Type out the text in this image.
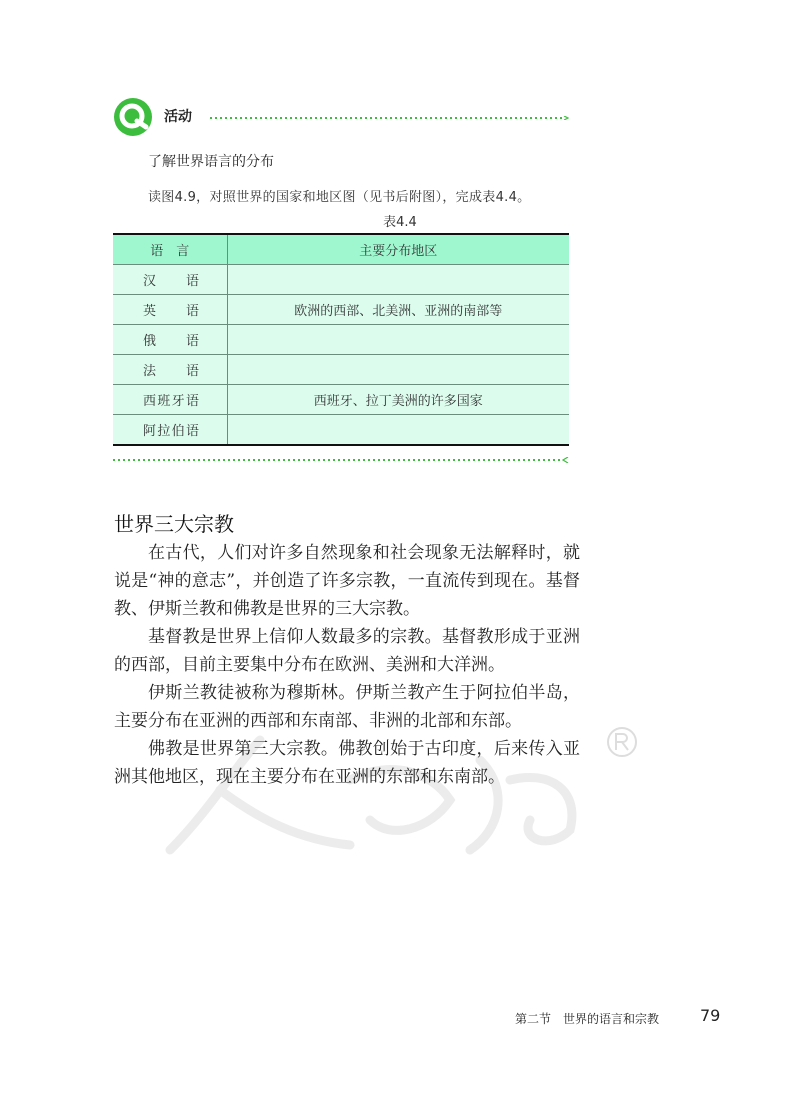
活动
了解世界语言的分布
读图4.9，对照世界的国家和地区图（见书后附图），完成表4.4。
表4.4
语　言	主要分布地区
汉语	
英语	欧洲的西部、北美洲、亚洲的南部等
俄语	
法语	
西班牙语	西班牙、拉丁美洲的许多国家
阿拉伯语	
世界三大宗教

在古代，人们对许多自然现象和社会现象无法解释时，就说是“神的意志”，并创造了许多宗教，一直流传到现在。基督教、伊斯兰教和佛教是世界的三大宗教。

基督教是世界上信仰人数最多的宗教。基督教形成于亚洲的西部，目前主要集中分布在欧洲、美洲和大洋洲。

伊斯兰教徒被称为穆斯林。伊斯兰教产生于阿拉伯半岛，主要分布在亚洲的西部和东南部、非洲的北部和东部。

佛教是世界第三大宗教。佛教创始于古印度，后来传入亚洲其他地区，现在主要分布在亚洲的东部和东南部。

第二节　世界的语言和宗教	79
